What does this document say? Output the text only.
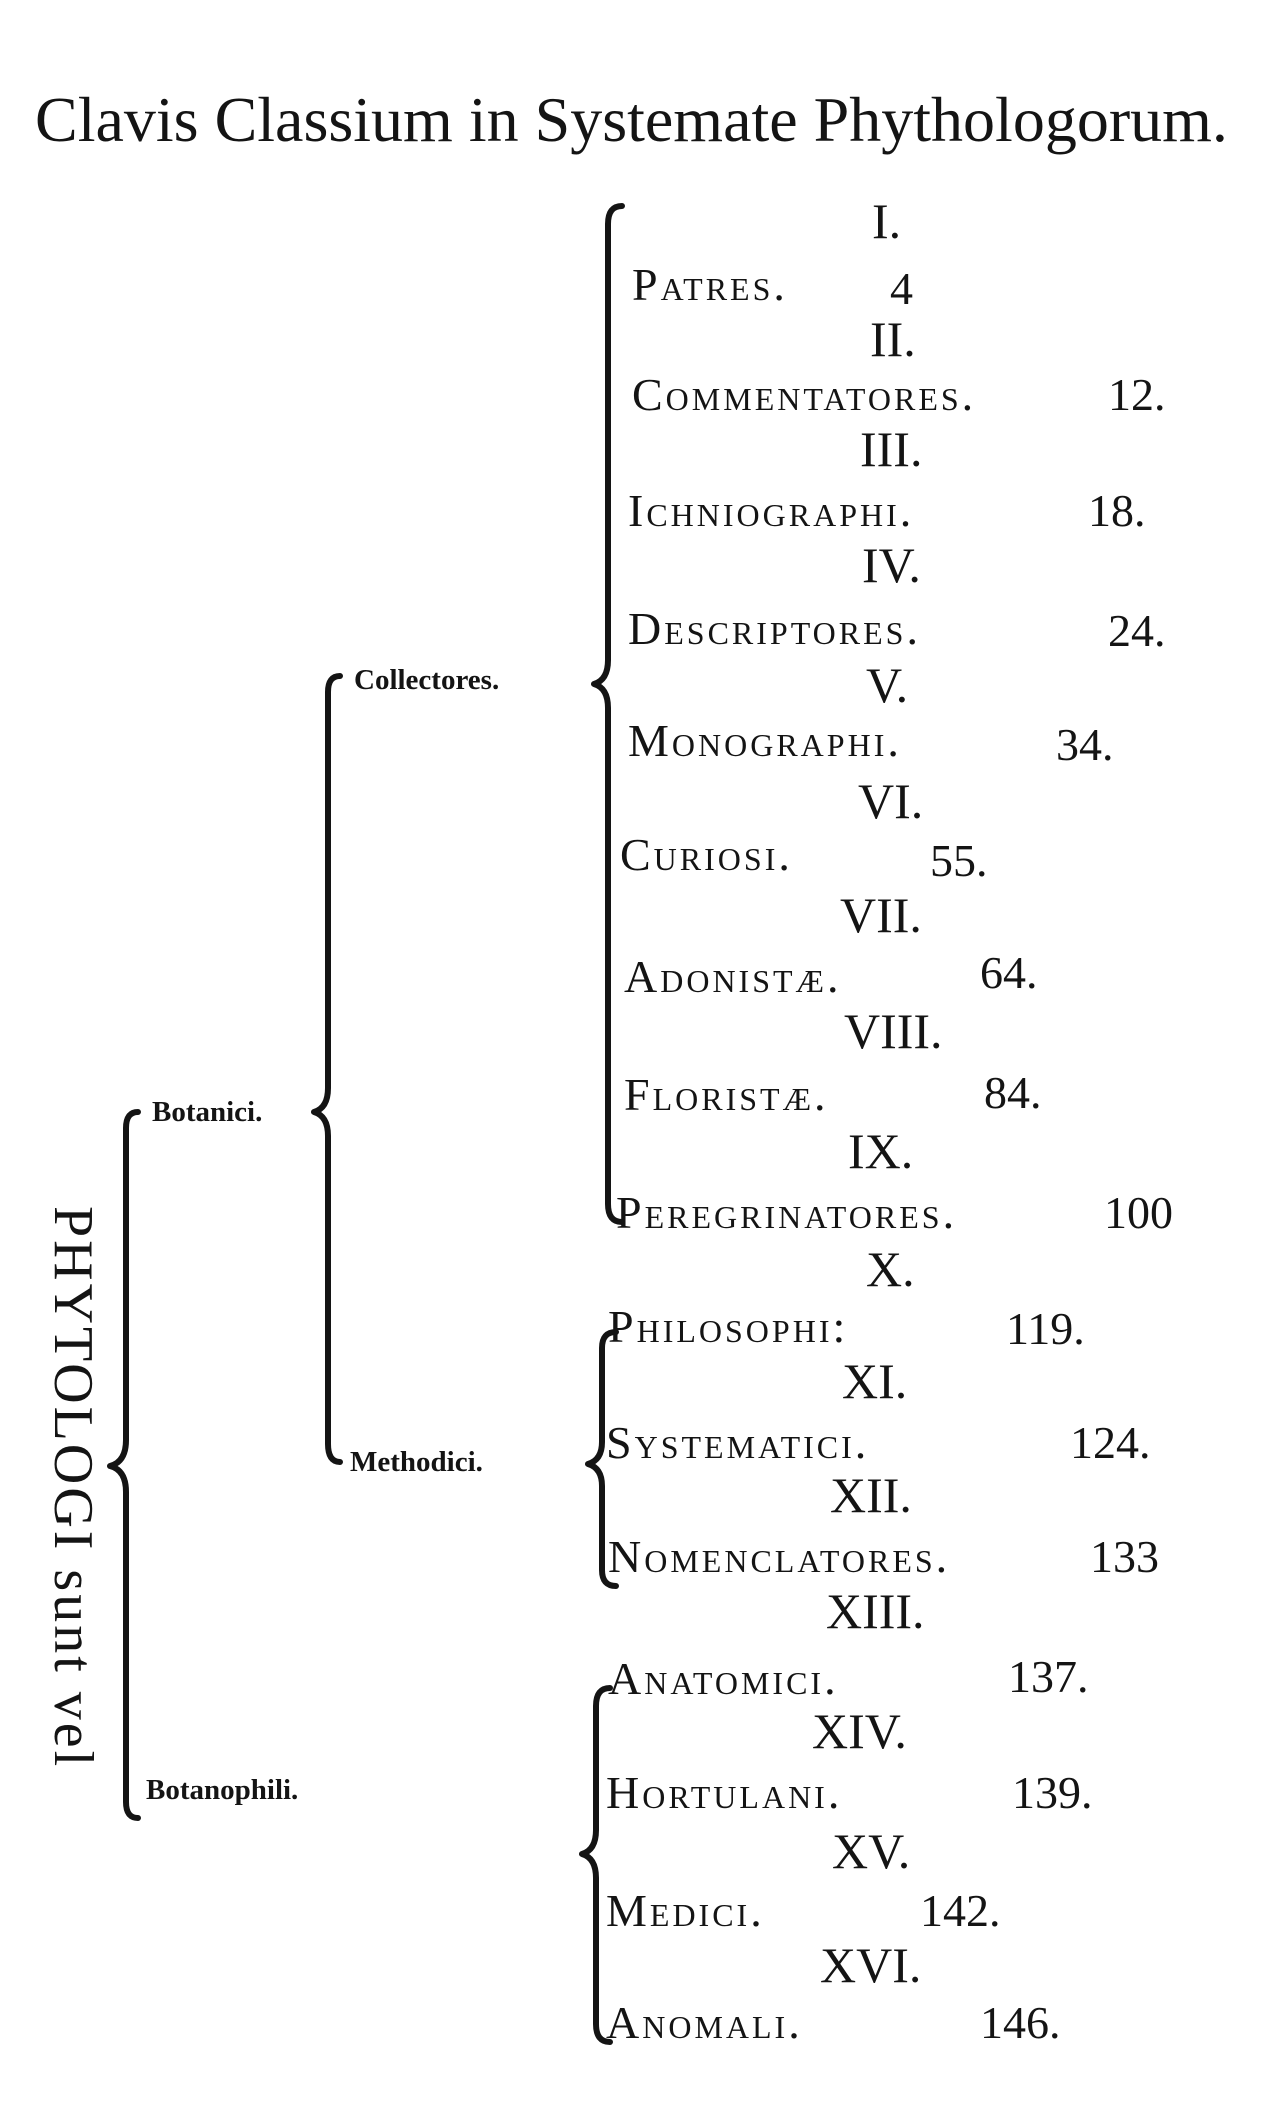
Clavis Classium in Systemate Phythologorum.
PHYTOLOGI sunt vel
Botanici.
Botanophili.
Collectores.
Methodici.
I.
Patres. 4
II.
Commentatores.	12.
III.
Ichniographi.	18.
IV.
Descriptores.	24.
V.
Monographi.	34.
VI.
Curiosi.	55.
VII.
Adonistæ.	64.
VIII.
Floristæ.	84.
IX.
Peregrinatores.	100
X.
Philosophi:	119.
XI.
Systematici.	124.
XII.
Nomenclatores.	133
XIII.
Anatomici.	137.
XIV.
Hortulani.	139.
XV.
Medici.	142.
XVI.
Anomali.	146.
